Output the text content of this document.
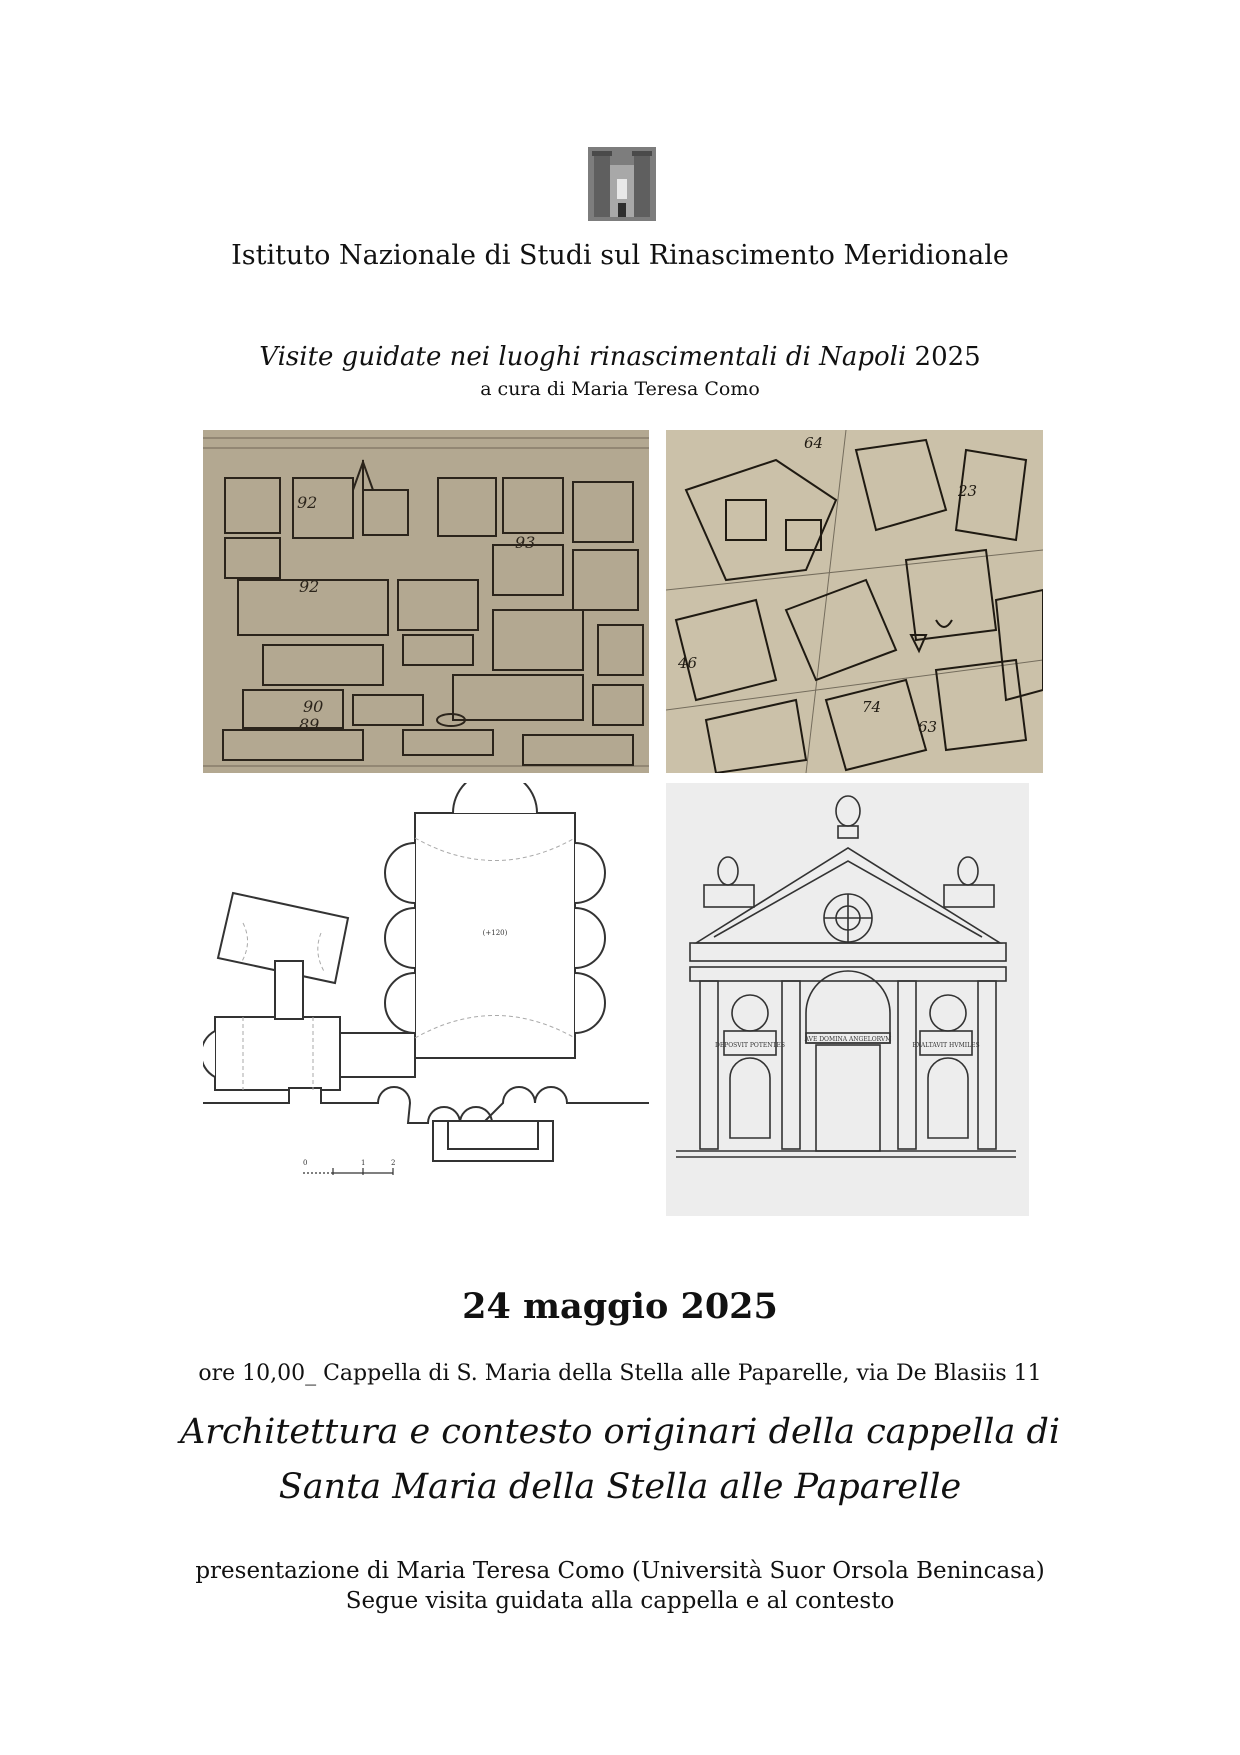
Istituto Nazionale di Studi sul Rinascimento Meridionale
Visite guidate nei luoghi rinascimentali di Napoli 2025
a cura di Maria Teresa Como
92
93
92
90
89
64
23
46
74
63
(+120)
0	1	2
DEPOSVIT POTENTES
AVE DOMINA ANGELORVM
EXALTAVIT HVMILES
24 maggio 2025
ore 10,00_ Cappella di S. Maria della Stella alle Paparelle, via De Blasiis 11
Architettura e contesto originari della cappella di
Santa Maria della Stella alle Paparelle
presentazione di Maria Teresa Como (Università Suor Orsola Benincasa)
Segue visita guidata alla cappella e al contesto
